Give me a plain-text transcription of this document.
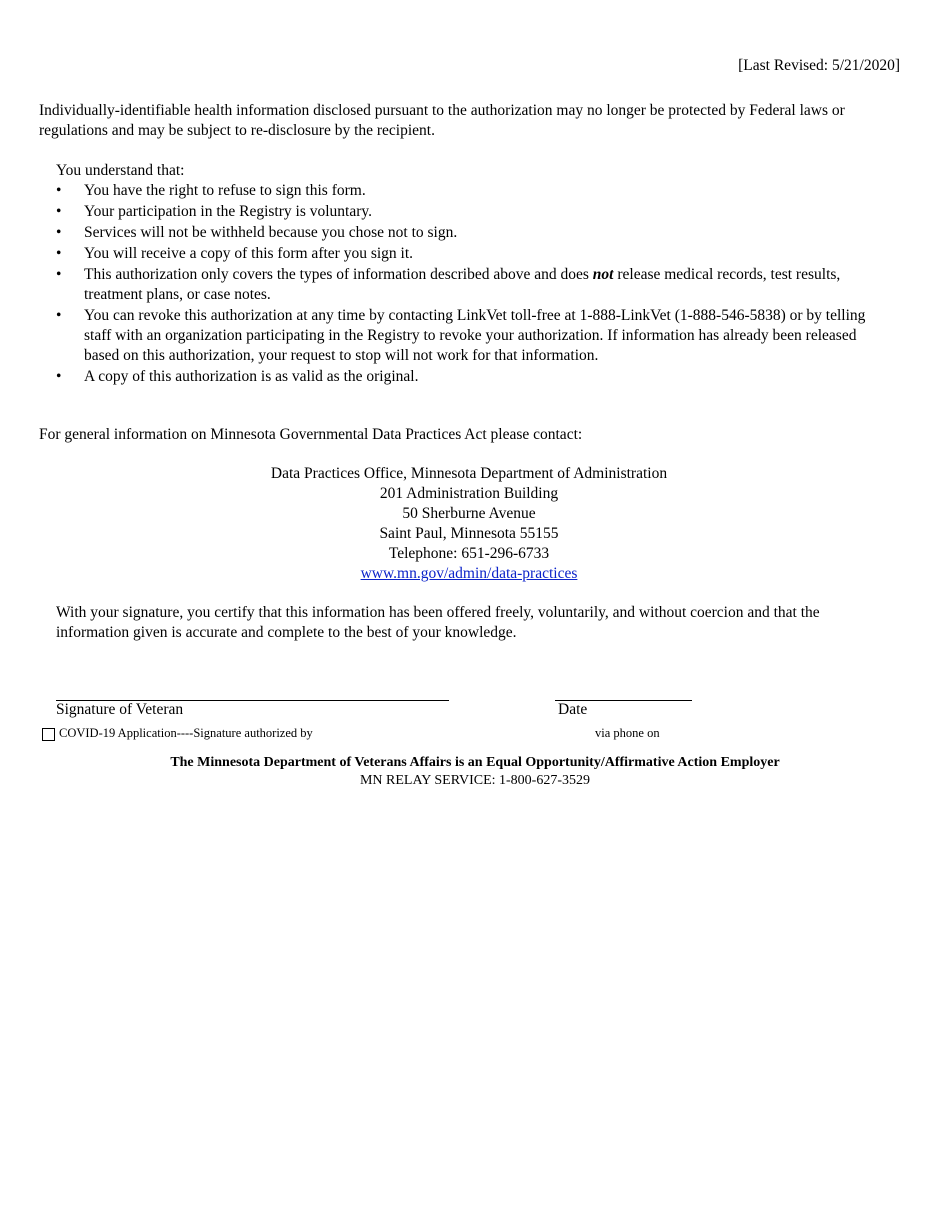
[Last Revised: 5/21/2020]

Individually-identifiable health information disclosed pursuant to the authorization may no longer be protected by Federal laws or regulations and may be subject to re-disclosure by the recipient.

You understand that:

• You have the right to refuse to sign this form.
• Your participation in the Registry is voluntary.
• Services will not be withheld because you chose not to sign.
• You will receive a copy of this form after you sign it.
• This authorization only covers the types of information described above and does not release medical records, test results, treatment plans, or case notes.
• You can revoke this authorization at any time by contacting LinkVet toll-free at 1-888-LinkVet (1-888-546-5838) or by telling staff with an organization participating in the Registry to revoke your authorization. If information has already been released based on this authorization, your request to stop will not work for that information.
• A copy of this authorization is as valid as the original.

For general information on Minnesota Governmental Data Practices Act please contact:

Data Practices Office, Minnesota Department of Administration
201 Administration Building
50 Sherburne Avenue
Saint Paul, Minnesota 55155
Telephone: 651-296-6733
www.mn.gov/admin/data-practices

With your signature, you certify that this information has been offered freely, voluntarily, and without coercion and that the information given is accurate and complete to the best of your knowledge.

Signature of Veteran	Date
COVID-19 Application----Signature authorized by	via phone on
The Minnesota Department of Veterans Affairs is an Equal Opportunity/Affirmative Action Employer
MN RELAY SERVICE: 1-800-627-3529
